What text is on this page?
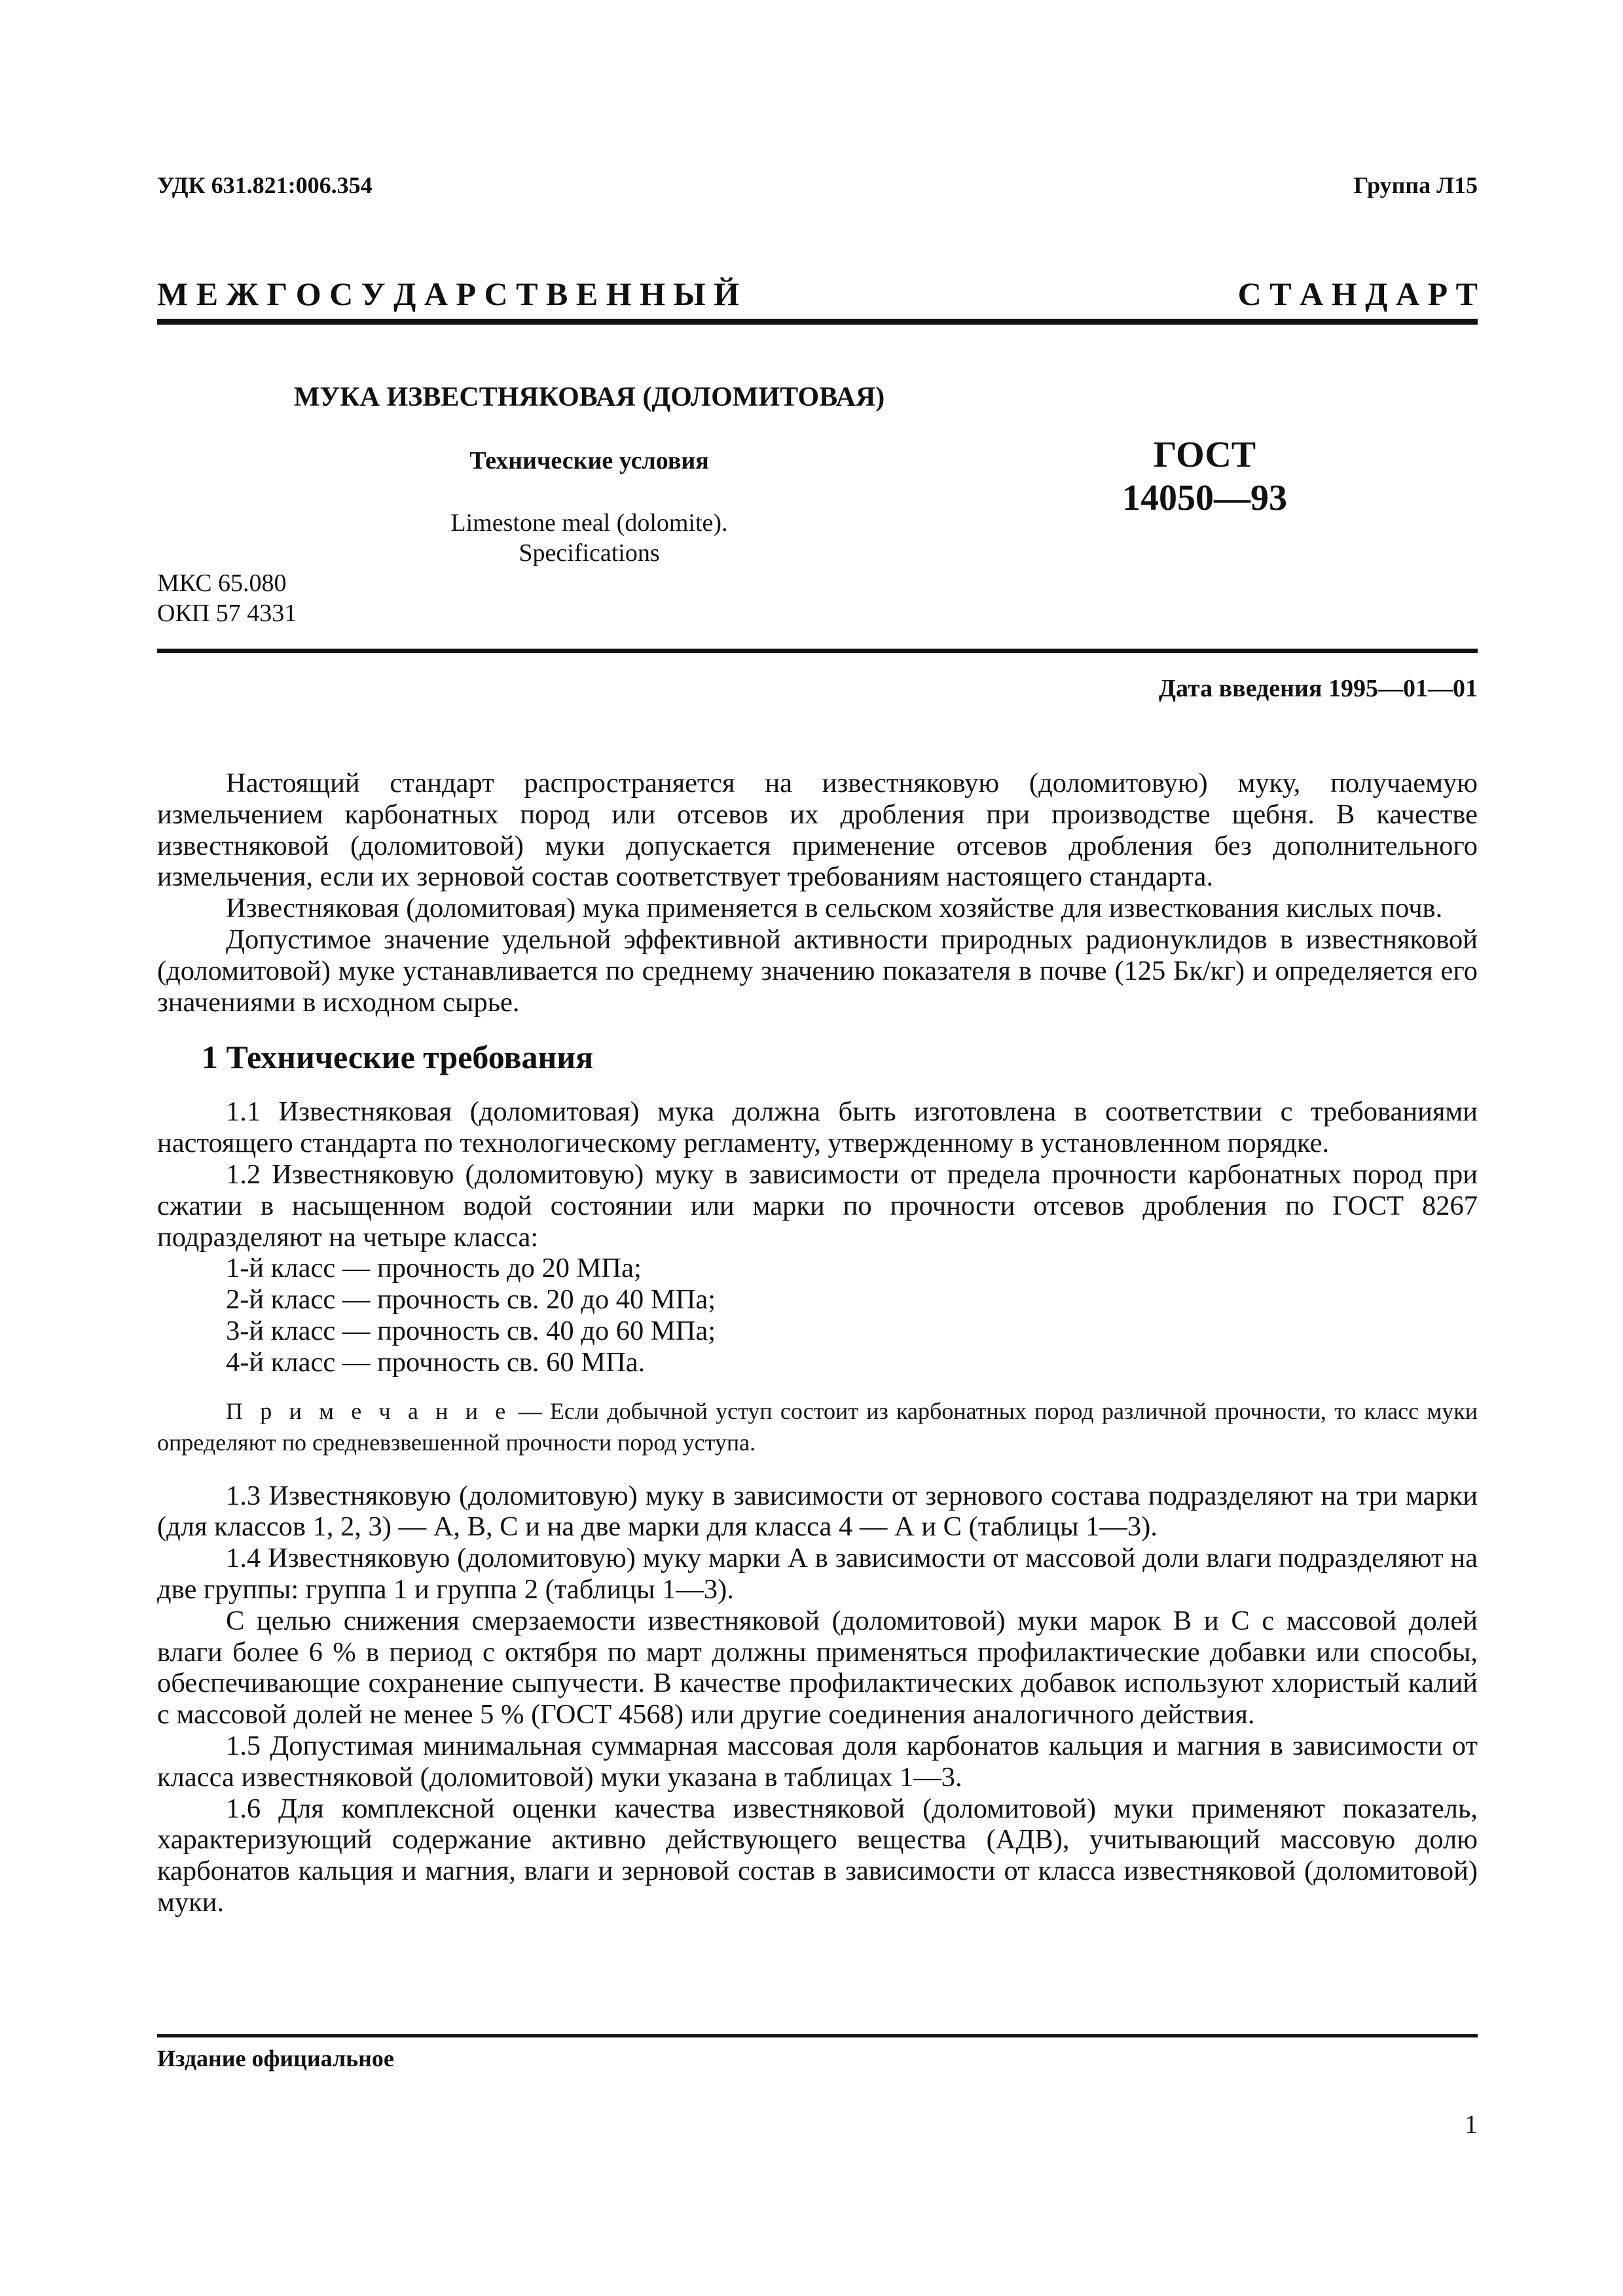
УДК 631.821:006.354	Группа Л15
М Е Ж Г О С У Д А Р С Т В Е Н Н Ы Й	С Т А Н Д А Р Т
МУКА ИЗВЕСТНЯКОВАЯ (ДОЛОМИТОВАЯ)
Технические условия
Limestone meal (dolomite).
Specifications
ГОСТ
14050—93
МКС 65.080
ОКП 57 4331
Дата введения 1995—01—01

Настоящий стандарт распространяется на известняковую (доломитовую) муку, получаемую измельчением карбонатных пород или отсевов их дробления при производстве щебня. В качестве известняковой (доломитовой) муки допускается применение отсевов дробления без дополнительного измельчения, если их зерновой состав соответствует требованиям настоящего стандарта.

Известняковая (доломитовая) мука применяется в сельском хозяйстве для известкования кислых почв.

Допустимое значение удельной эффективной активности природных радионуклидов в известняковой (доломитовой) муке устанавливается по среднему значению показателя в почве (125 Бк/кг) и определяется его значениями в исходном сырье.

1 Технические требования

1.1 Известняковая (доломитовая) мука должна быть изготовлена в соответствии с требованиями настоящего стандарта по технологическому регламенту, утвержденному в установленном порядке.

1.2 Известняковую (доломитовую) муку в зависимости от предела прочности карбонатных пород при сжатии в насыщенном водой состоянии или марки по прочности отсевов дробления по ГОСТ 8267 подразделяют на четыре класса:

1-й класс — прочность до 20 МПа;

2-й класс — прочность св. 20 до 40 МПа;

3-й класс — прочность св. 40 до 60 МПа;

4-й класс — прочность св. 60 МПа.

П р и м е ч а н и е — Если добычной уступ состоит из карбонатных пород различной прочности, то класс муки определяют по средневзвешенной прочности пород уступа.

1.3 Известняковую (доломитовую) муку в зависимости от зернового состава подразделяют на три марки (для классов 1, 2, 3) — А, В, С и на две марки для класса 4 — А и С (таблицы 1—3).

1.4 Известняковую (доломитовую) муку марки А в зависимости от массовой доли влаги подразделяют на две группы: группа 1 и группа 2 (таблицы 1—3).

С целью снижения смерзаемости известняковой (доломитовой) муки марок В и С с массовой долей влаги более 6 % в период с октября по март должны применяться профилактические добавки или способы, обеспечивающие сохранение сыпучести. В качестве профилактических добавок используют хлористый калий с массовой долей не менее 5 % (ГОСТ 4568) или другие соединения аналогичного действия.

1.5 Допустимая минимальная суммарная массовая доля карбонатов кальция и магния в зависимости от класса известняковой (доломитовой) муки указана в таблицах 1—3.

1.6 Для комплексной оценки качества известняковой (доломитовой) муки применяют показатель, характеризующий содержание активно действующего вещества (АДВ), учитывающий массовую долю карбонатов кальция и магния, влаги и зерновой состав в зависимости от класса известняковой (доломитовой) муки.

Издание официальное
1
